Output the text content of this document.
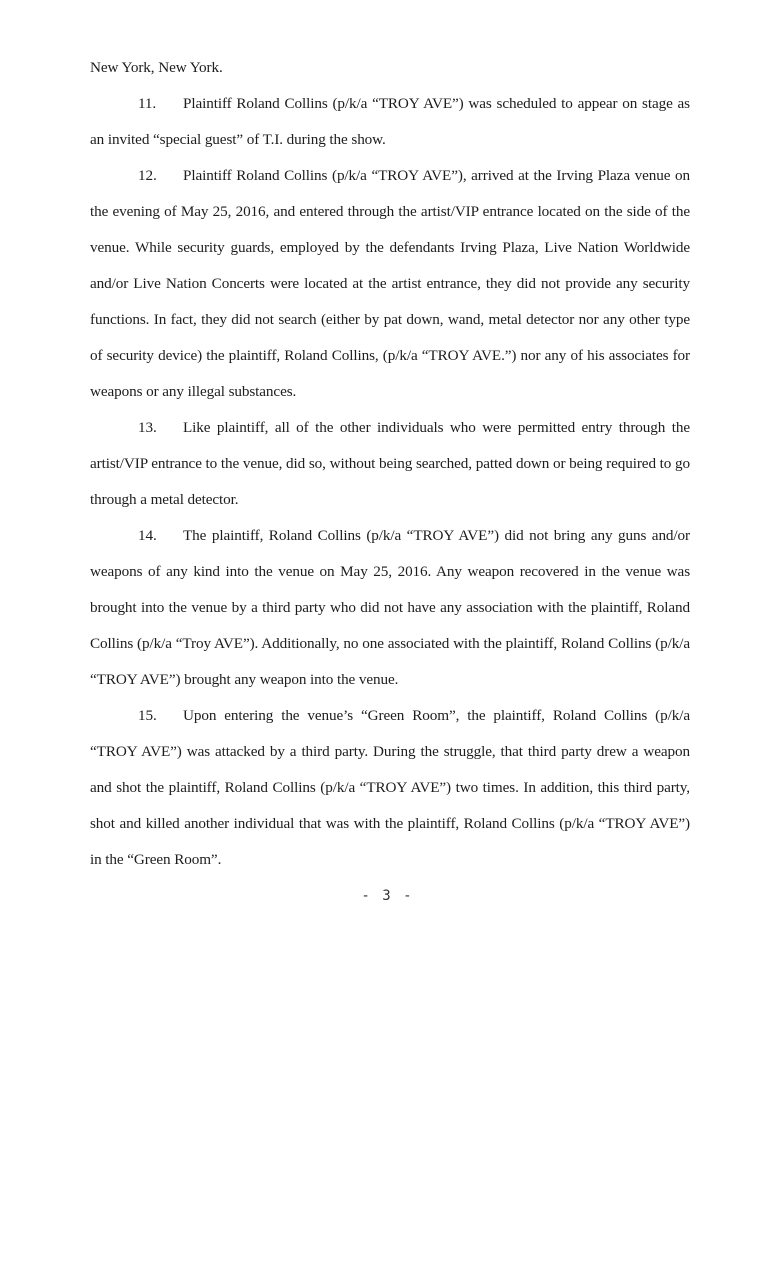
New York, New York.

11. Plaintiff Roland Collins (p/k/a “TROY AVE”) was scheduled to appear on stage as an invited “special guest” of T.I. during the show.

12. Plaintiff Roland Collins (p/k/a “TROY AVE”), arrived at the Irving Plaza venue on the evening of May 25, 2016, and entered through the artist/VIP entrance located on the side of the venue. While security guards, employed by the defendants Irving Plaza, Live Nation Worldwide and/or Live Nation Concerts were located at the artist entrance, they did not provide any security functions. In fact, they did not search (either by pat down, wand, metal detector nor any other type of security device) the plaintiff, Roland Collins, (p/k/a “TROY AVE.”) nor any of his associates for weapons or any illegal substances.

13. Like plaintiff, all of the other individuals who were permitted entry through the artist/VIP entrance to the venue, did so, without being searched, patted down or being required to go through a metal detector.

14. The plaintiff, Roland Collins (p/k/a “TROY AVE”) did not bring any guns and/or weapons of any kind into the venue on May 25, 2016. Any weapon recovered in the venue was brought into the venue by a third party who did not have any association with the plaintiff, Roland Collins (p/k/a “Troy AVE”). Additionally, no one associated with the plaintiff, Roland Collins (p/k/a “TROY AVE”) brought any weapon into the venue.

15. Upon entering the venue’s “Green Room”, the plaintiff, Roland Collins (p/k/a “TROY AVE”) was attacked by a third party. During the struggle, that third party drew a weapon and shot the plaintiff, Roland Collins (p/k/a “TROY AVE”) two times. In addition, this third party, shot and killed another individual that was with the plaintiff, Roland Collins (p/k/a “TROY AVE”) in the “Green Room”.

- 3 -
